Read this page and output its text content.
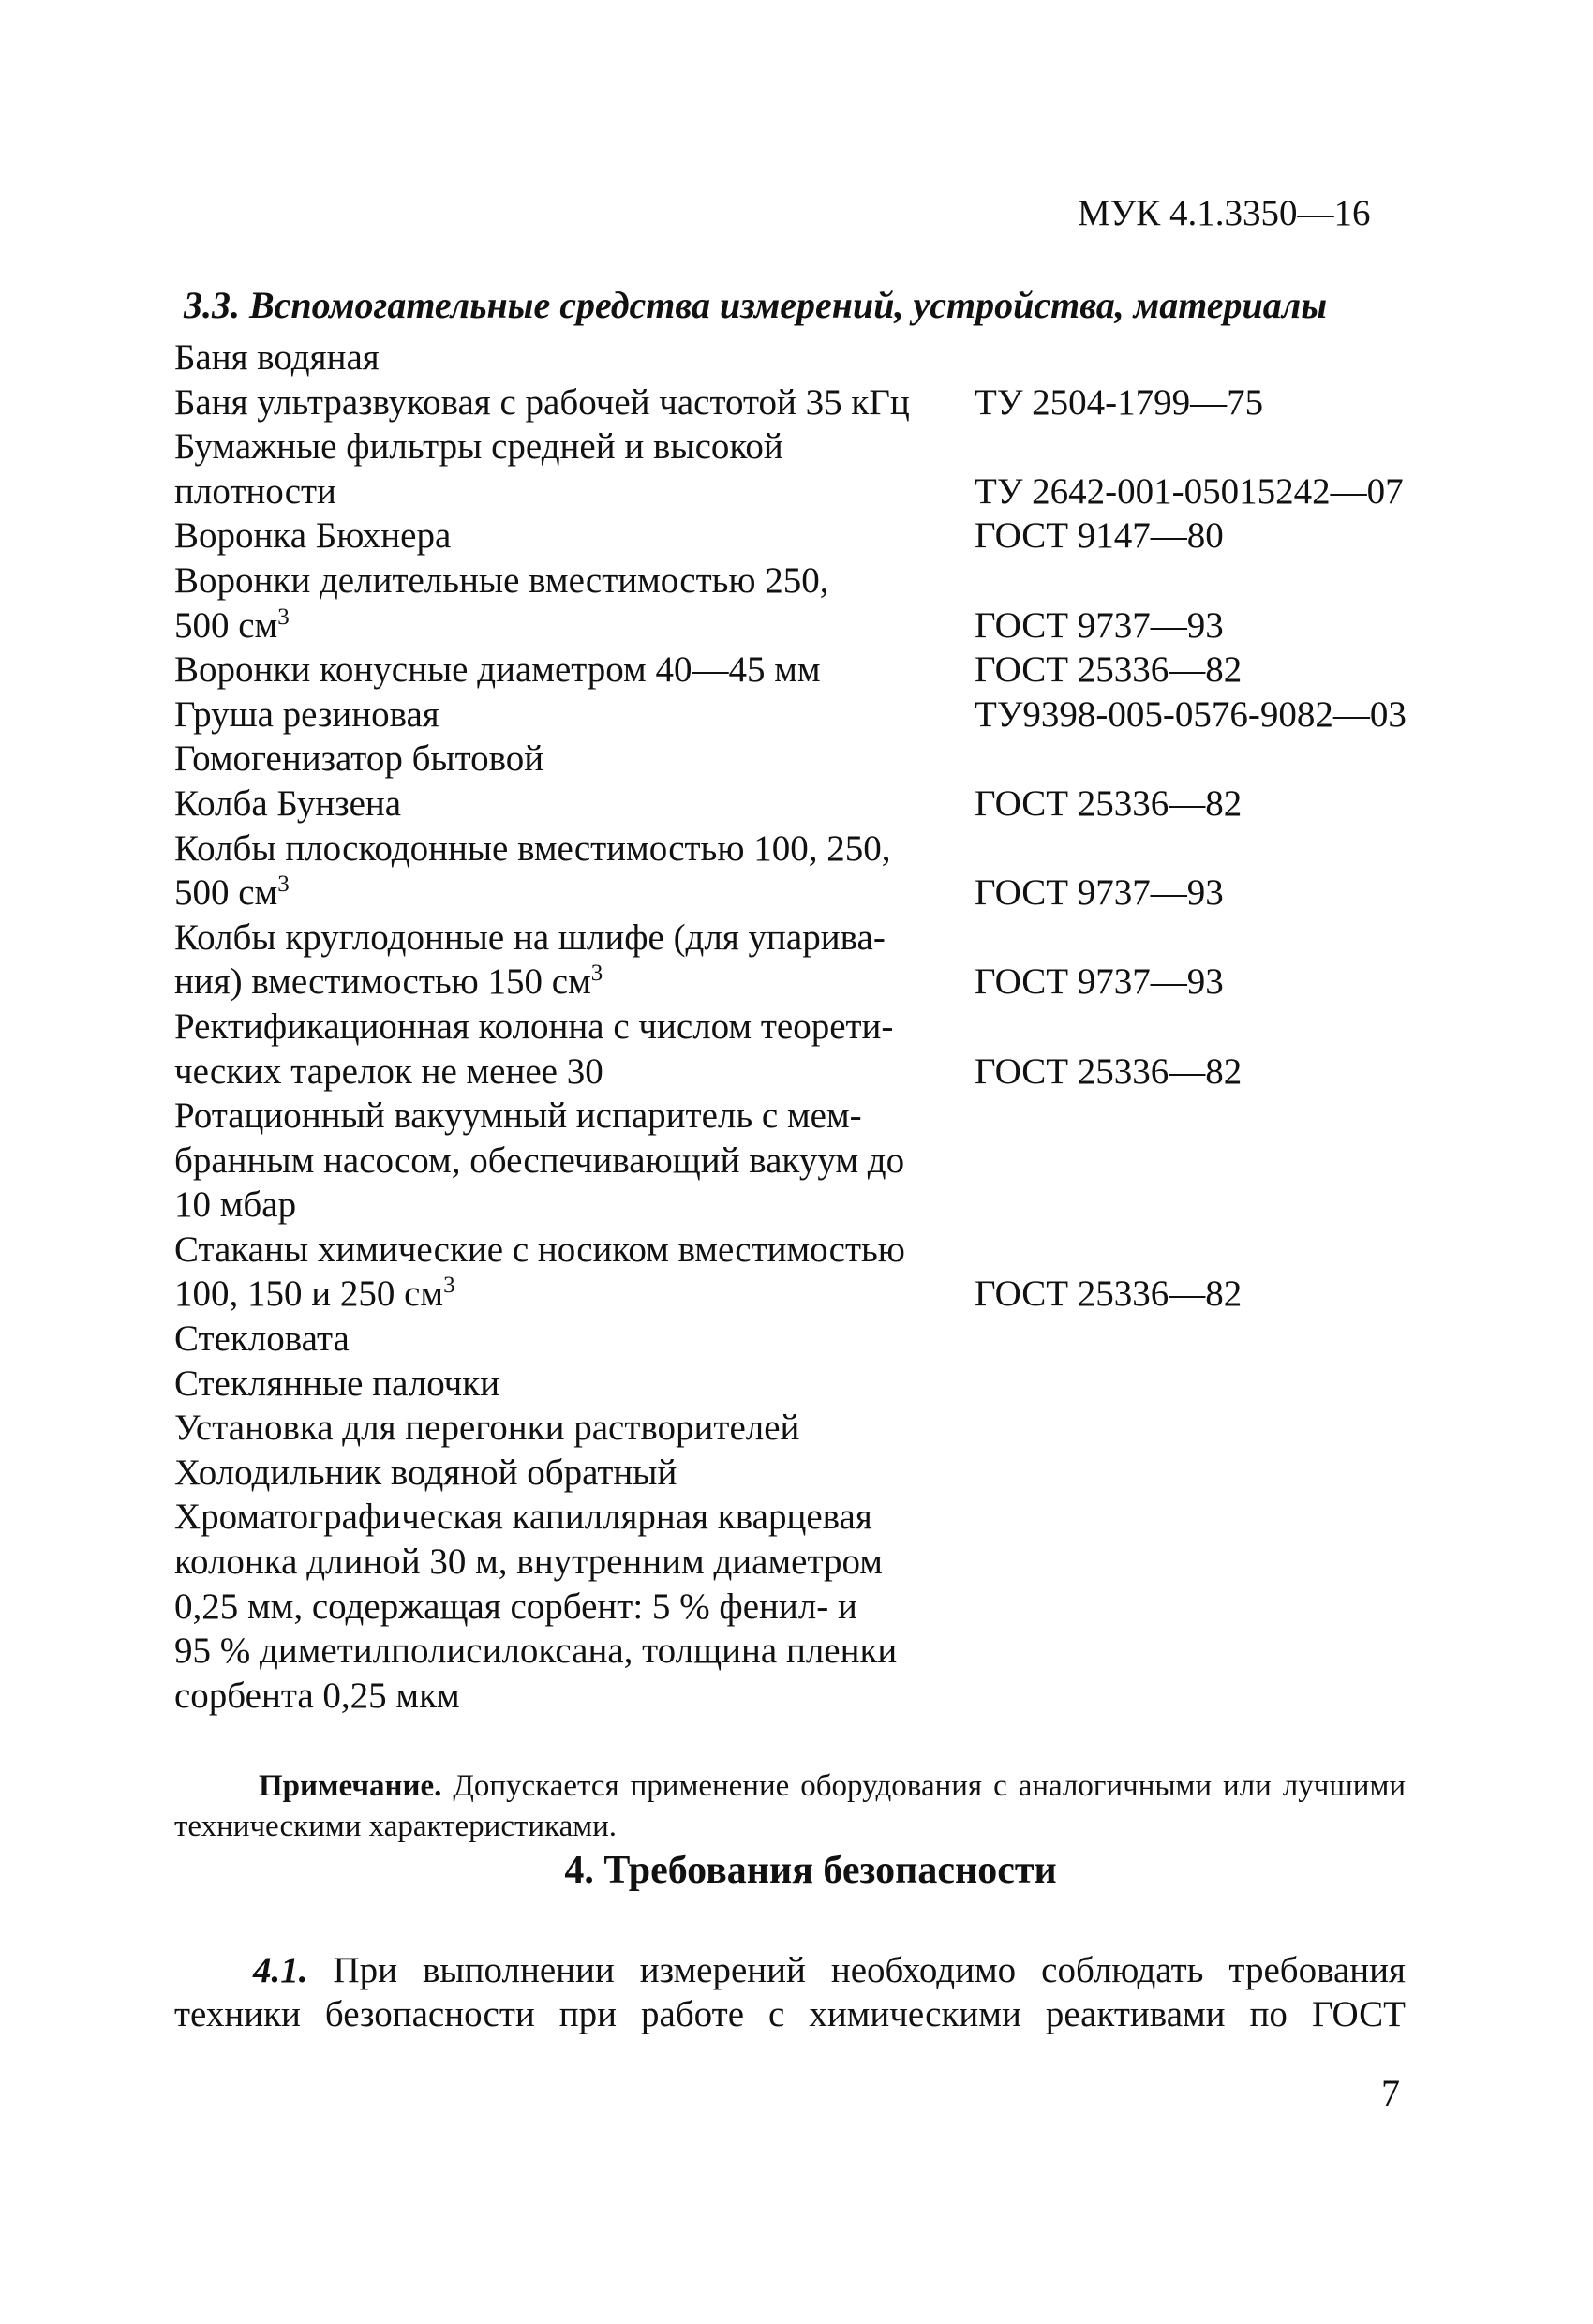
МУК 4.1.3350—16
3.3. Вспомогательные средства измерений, устройства, материалы
Баня водяная
Баня ультразвуковая с рабочей частотой 35 кГц	ТУ 2504-1799—75
Бумажные фильтры средней и высокой
плотности	ТУ 2642-001-05015242—07
Воронка Бюхнера	ГОСТ 9147—80
Воронки делительные вместимостью 250,
500 $см^3$	ГОСТ 9737—93
Воронки конусные диаметром 40—45 мм	ГОСТ 25336—82
Груша резиновая	ТУ9398-005-0576-9082—03
Гомогенизатор бытовой
Колба Бунзена	ГОСТ 25336—82
Колбы плоскодонные вместимостью 100, 250,
500 $см^3$	ГОСТ 9737—93
Колбы круглодонные на шлифе (для упарива-
ния) вместимостью 150 $см^3$	ГОСТ 9737—93
Ректификационная колонна с числом теорети-
ческих тарелок не менее 30	ГОСТ 25336—82
Ротационный вакуумный испаритель с мем-
бранным насосом, обеспечивающий вакуум до
10 мбар
Стаканы химические с носиком вместимостью
100, 150 и 250 $см^3$	ГОСТ 25336—82
Стекловата
Стеклянные палочки
Установка для перегонки растворителей
Холодильник водяной обратный
Хроматографическая капиллярная кварцевая
колонка длиной 30 м, внутренним диаметром
0,25 мм, содержащая сорбент: 5 % фенил- и
95 % диметилполисилоксана, толщина пленки
сорбента 0,25 мкм

Примечание. Допускается применение оборудования с аналогичными или лучшими техническими характеристиками.

4. Требования безопасности

4.1. При выполнении измерений необходимо соблюдать требования техники безопасности при работе с химическими реактивами по ГОСТ

7
